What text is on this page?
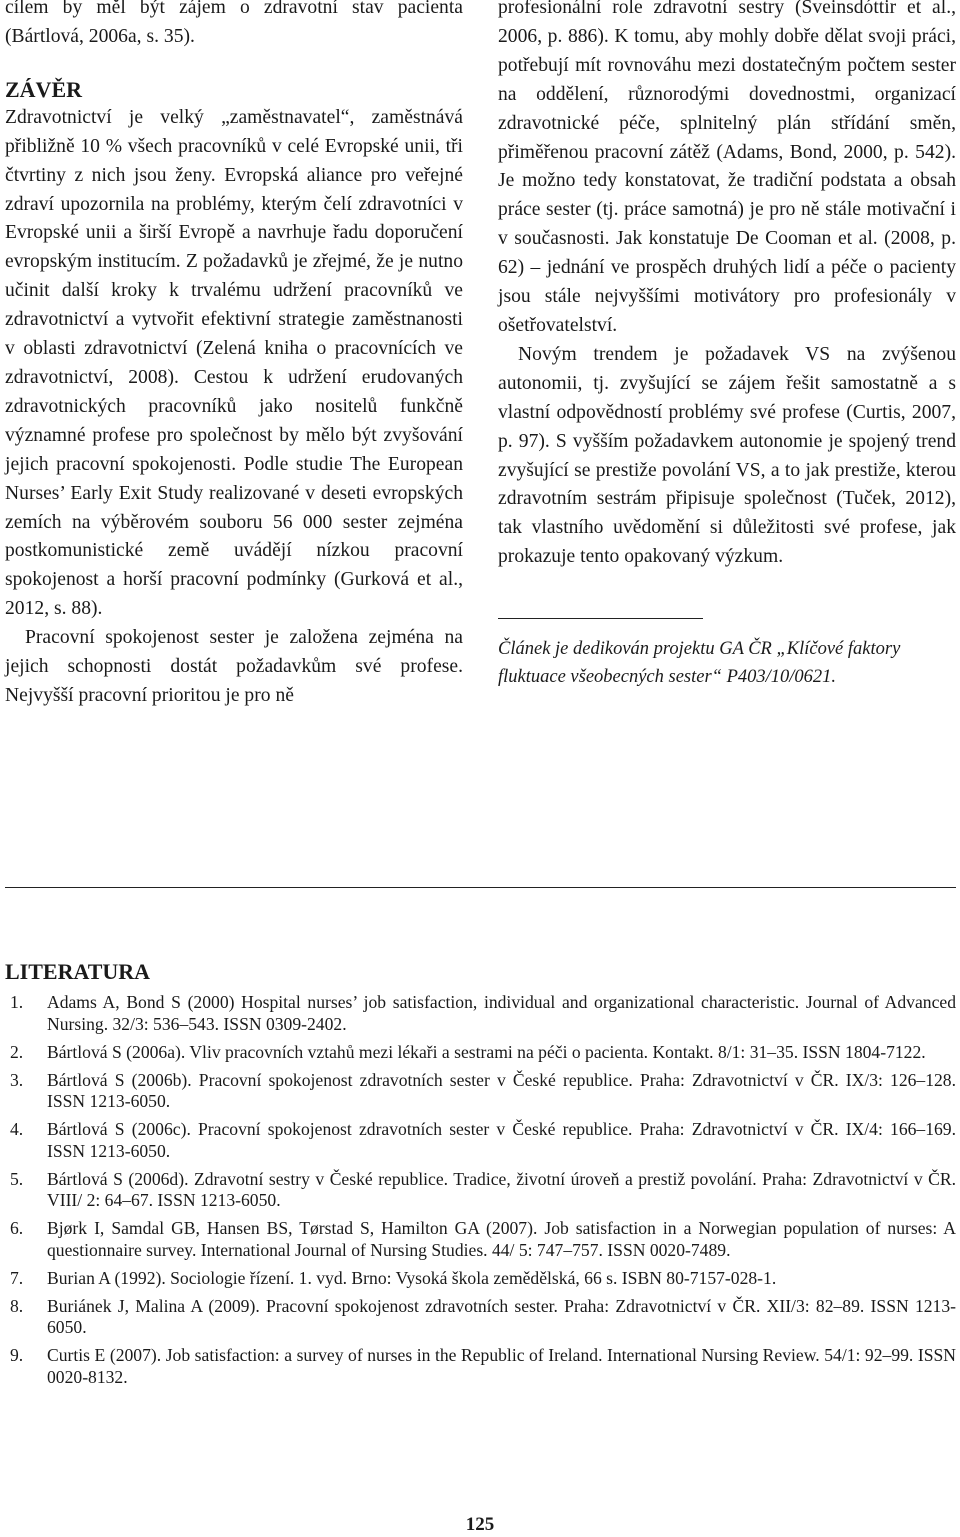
cílem by měl být zájem o zdravotní stav pacienta (Bártlová, 2006a, s. 35).

ZÁVĚR

Zdravotnictví je velký „zaměstnavatel“, zaměstnává přibližně 10 % všech pracovníků v celé Evropské unii, tři čtvrtiny z nich jsou ženy. Evropská aliance pro veřejné zdraví upozornila na problémy, kterým čelí zdravotníci v Evropské unii a širší Evropě a navrhuje řadu doporučení evropským institucím. Z požadavků je zřejmé, že je nutno učinit další kroky k trvalému udržení pracovníků ve zdravotnictví a vytvořit efektivní strategie zaměstnanosti v oblasti zdravotnictví (Zelená kniha o pracovnících ve zdravotnictví, 2008). Cestou k udržení erudovaných zdravotnických pracovníků jako nositelů funkčně významné profese pro společnost by mělo být zvyšování jejich pracovní spokojenosti. Podle studie The European Nurses’ Early Exit Study realizované v deseti evropských zemích na výběrovém souboru 56 000 sester zejména postkomunistické země uvádějí nízkou pracovní spokojenost a horší pracovní podmínky (Gurková et al., 2012, s. 88).

Pracovní spokojenost sester je založena zejména na jejich schopnosti dostát požadavkům své profese. Nejvyšší pracovní prioritou je pro ně

profesionální role zdravotní sestry (Sveinsdóttir et al., 2006, p. 886). K tomu, aby mohly dobře dělat svoji práci, potřebují mít rovnováhu mezi dostatečným počtem sester na oddělení, různorodými dovednostmi, organizací zdravotnické péče, splnitelný plán střídání směn, přiměřenou pracovní zátěž (Adams, Bond, 2000, p. 542). Je možno tedy konstatovat, že tradiční podstata a obsah práce sester (tj. práce samotná) je pro ně stále motivační i v současnosti. Jak konstatuje De Cooman et al. (2008, p. 62) – jednání ve prospěch druhých lidí a péče o pacienty jsou stále nejvyššími motivátory pro profesionály v ošetřovatelství.

Novým trendem je požadavek VS na zvýšenou autonomii, tj. zvyšující se zájem řešit samostatně a s vlastní odpovědností problémy své profese (Curtis, 2007, p. 97). S vyšším požadavkem autonomie je spojený trend zvyšující se prestiže povolání VS, a to jak prestiže, kterou zdravotním sestrám připisuje společnost (Tuček, 2012), tak vlastního uvědomění si důležitosti své profese, jak prokazuje tento opakovaný výzkum.

Článek je dedikován projektu GA ČR „Klíčové faktory fluktuace všeobecných sester“ P403/10/0621.

LITERATURA
1. Adams A, Bond S (2000) Hospital nurses’ job satisfaction, individual and organizational characteristic. Journal of Advanced Nursing. 32/3: 536–543. ISSN 0309-2402.
2. Bártlová S (2006a). Vliv pracovních vztahů mezi lékaři a sestrami na péči o pacienta. Kontakt. 8/1: 31–35. ISSN 1804-7122.
3. Bártlová S (2006b). Pracovní spokojenost zdravotních sester v České republice. Praha: Zdravotnictví v ČR. IX/3: 126–128. ISSN 1213-6050.
4. Bártlová S (2006c). Pracovní spokojenost zdravotních sester v České republice. Praha: Zdravotnictví v ČR. IX/4: 166–169. ISSN 1213-6050.
5. Bártlová S (2006d). Zdravotní sestry v České republice. Tradice, životní úroveň a prestiž povolání. Praha: Zdravotnictví v ČR. VIII/ 2: 64–67. ISSN 1213-6050.
6. Bjørk I, Samdal GB, Hansen BS, Tørstad S, Hamilton GA (2007). Job satisfaction in a Norwegian population of nurses: A questionnaire survey. International Journal of Nursing Studies. 44/ 5: 747–757. ISSN 0020-7489.
7. Burian A (1992). Sociologie řízení. 1. vyd. Brno: Vysoká škola zemědělská, 66 s. ISBN 80-7157-028-1.
8. Buriánek J, Malina A (2009). Pracovní spokojenost zdravotních sester. Praha: Zdravotnictví v ČR. XII/3: 82–89. ISSN 1213-6050.
9. Curtis E (2007). Job satisfaction: a survey of nurses in the Republic of Ireland. International Nursing Review. 54/1: 92–99. ISSN 0020-8132.
125
